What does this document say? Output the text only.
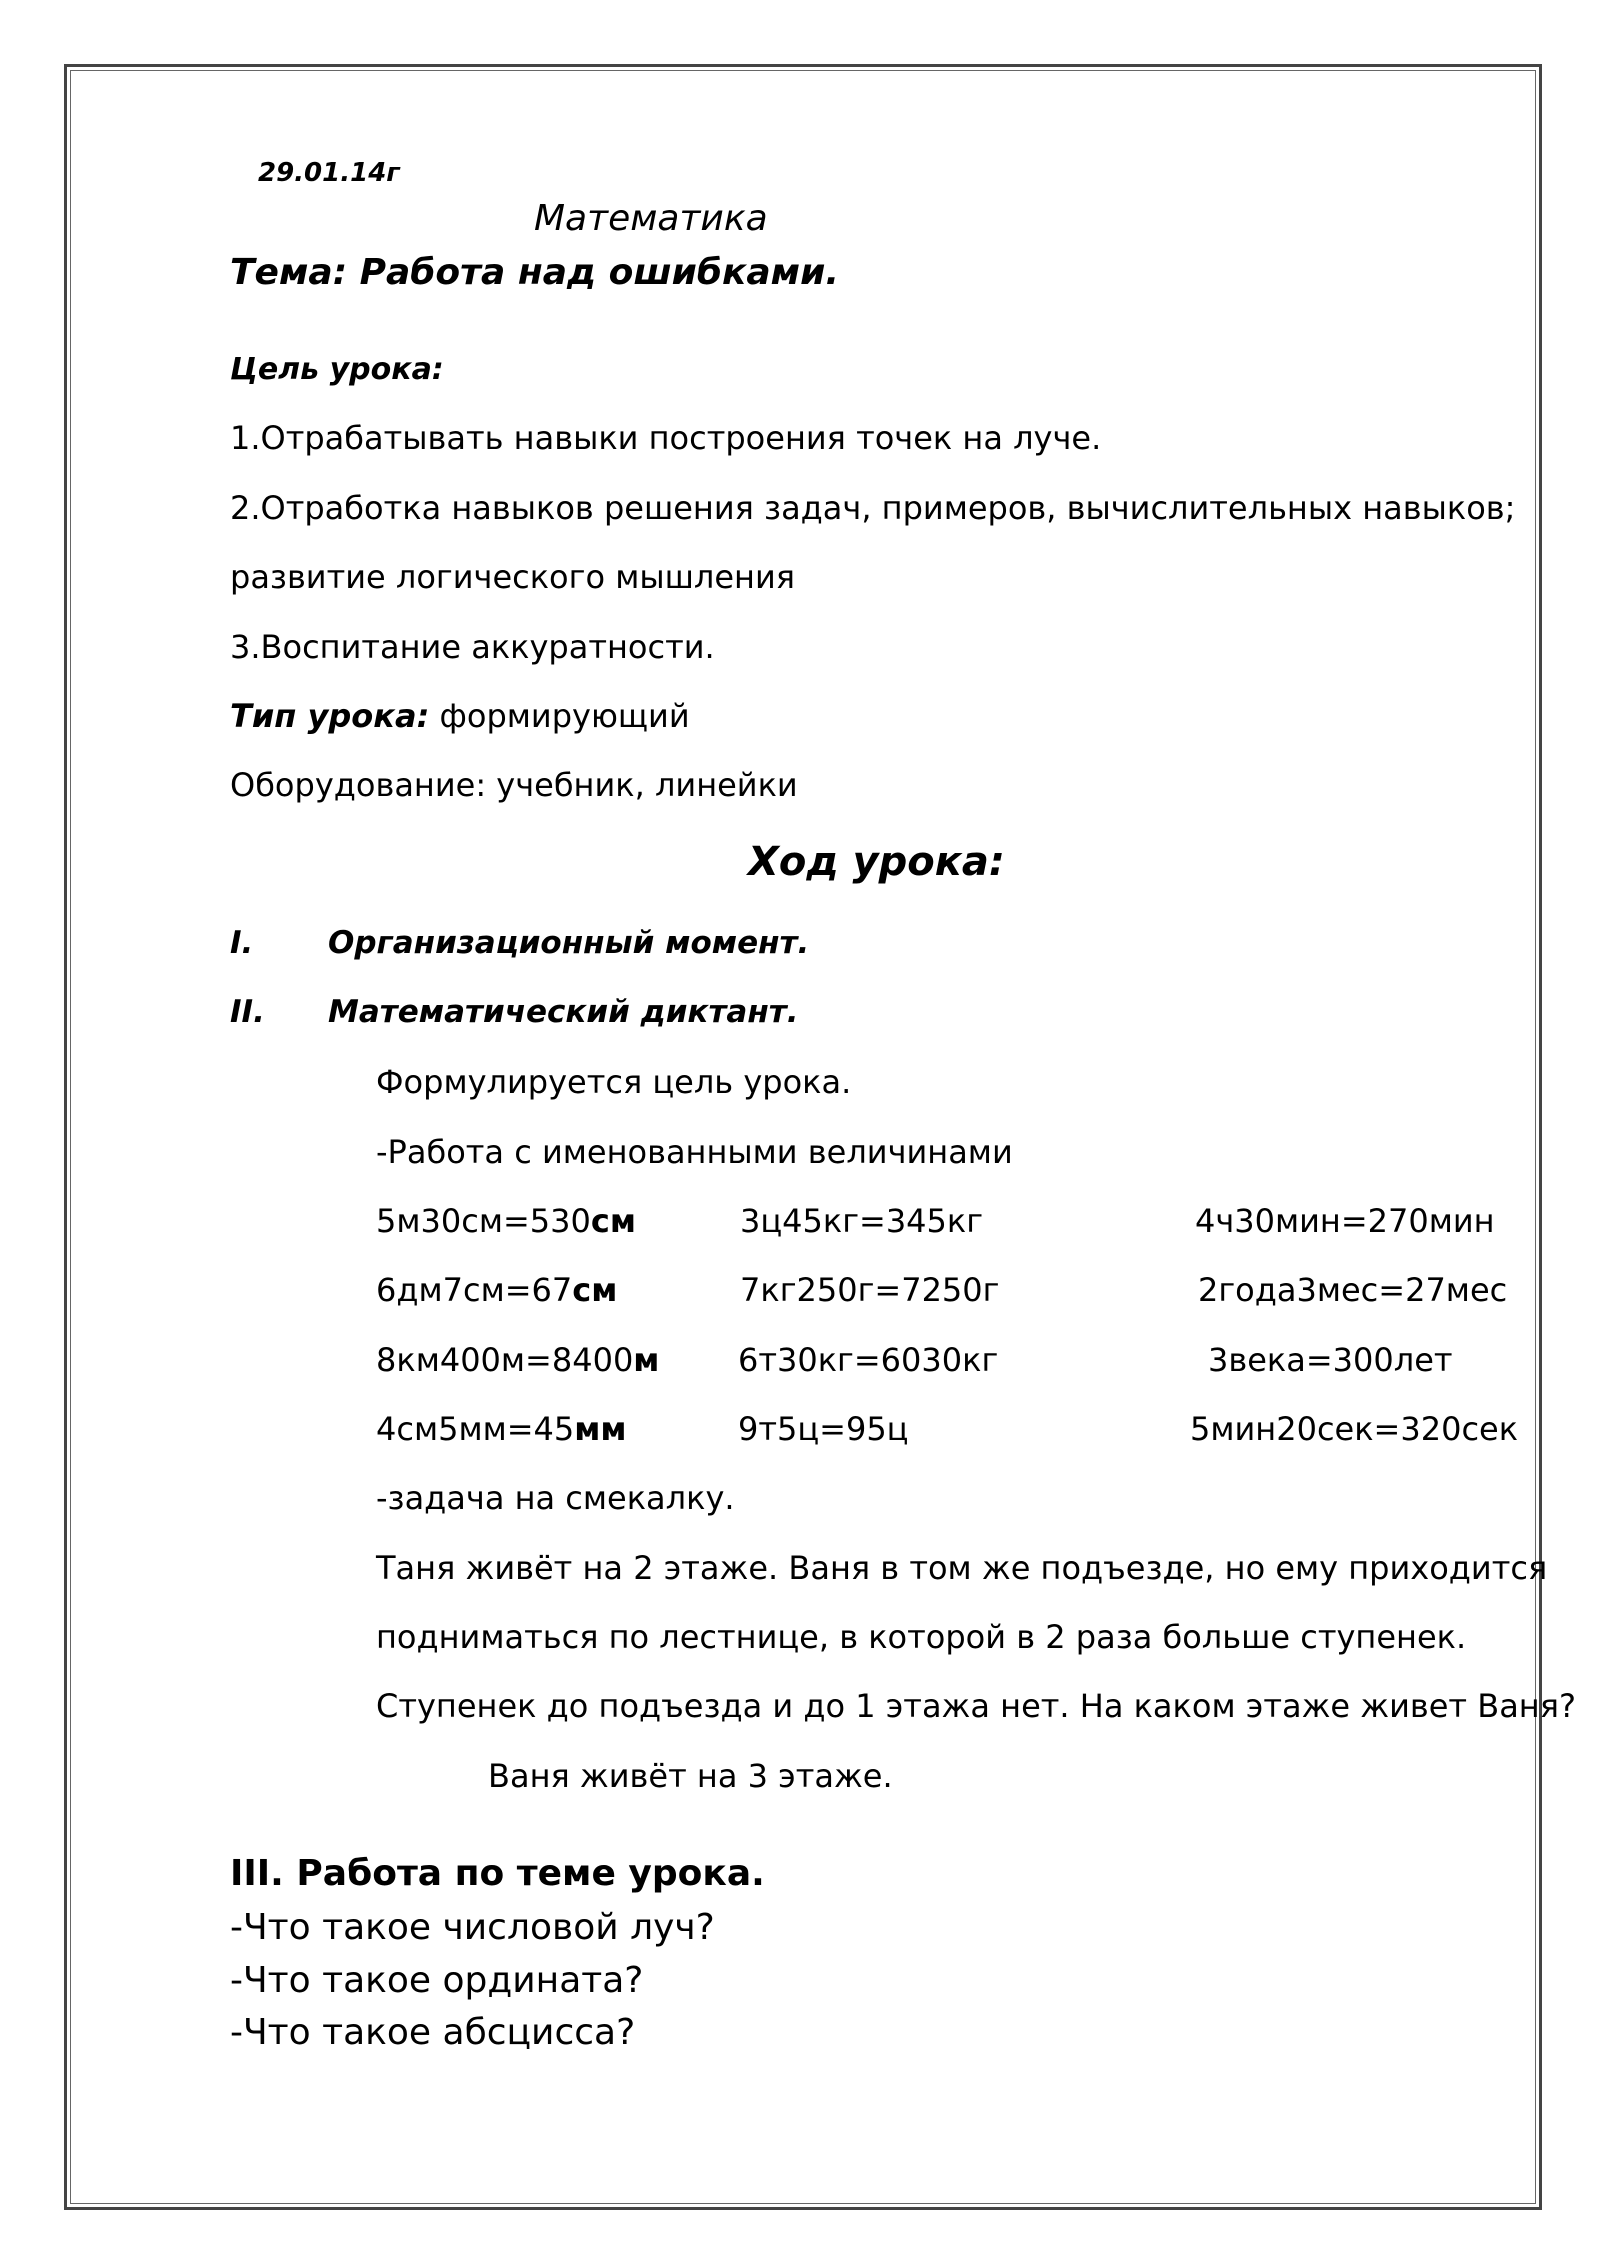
29.01.14г
Математика
Тема: Работа над ошибками.
Цель урока:
1.Отрабатывать навыки построения точек на луче.
2.Отработка навыков решения задач, примеров, вычислительных навыков;
развитие логического мышления
3.Воспитание аккуратности.
Тип урока: формирующий
Оборудование: учебник, линейки
Ход урока:
I. Организационный момент.
II. Математический диктант.
Формулируется цель урока.
-Работа с именованными величинами
5м30см=530см	3ц45кг=345кг	4ч30мин=270мин
6дм7см=67см	7кг250г=7250г	2года3мес=27мес
8км400м=8400м 6т30кг=6030кг	3века=300лет
4см5мм=45мм	9т5ц=95ц	5мин20сек=320сек
-задача на смекалку.
Таня живёт на 2 этаже. Ваня в том же подъезде, но ему приходится
подниматься по лестнице, в которой в 2 раза больше ступенек.
Ступенек до подъезда и до 1 этажа нет. На каком этаже живет Ваня?
Ваня живёт на 3 этаже.
III. Работа по теме урока.
-Что такое числовой луч?
-Что такое ордината?
-Что такое абсцисса?
